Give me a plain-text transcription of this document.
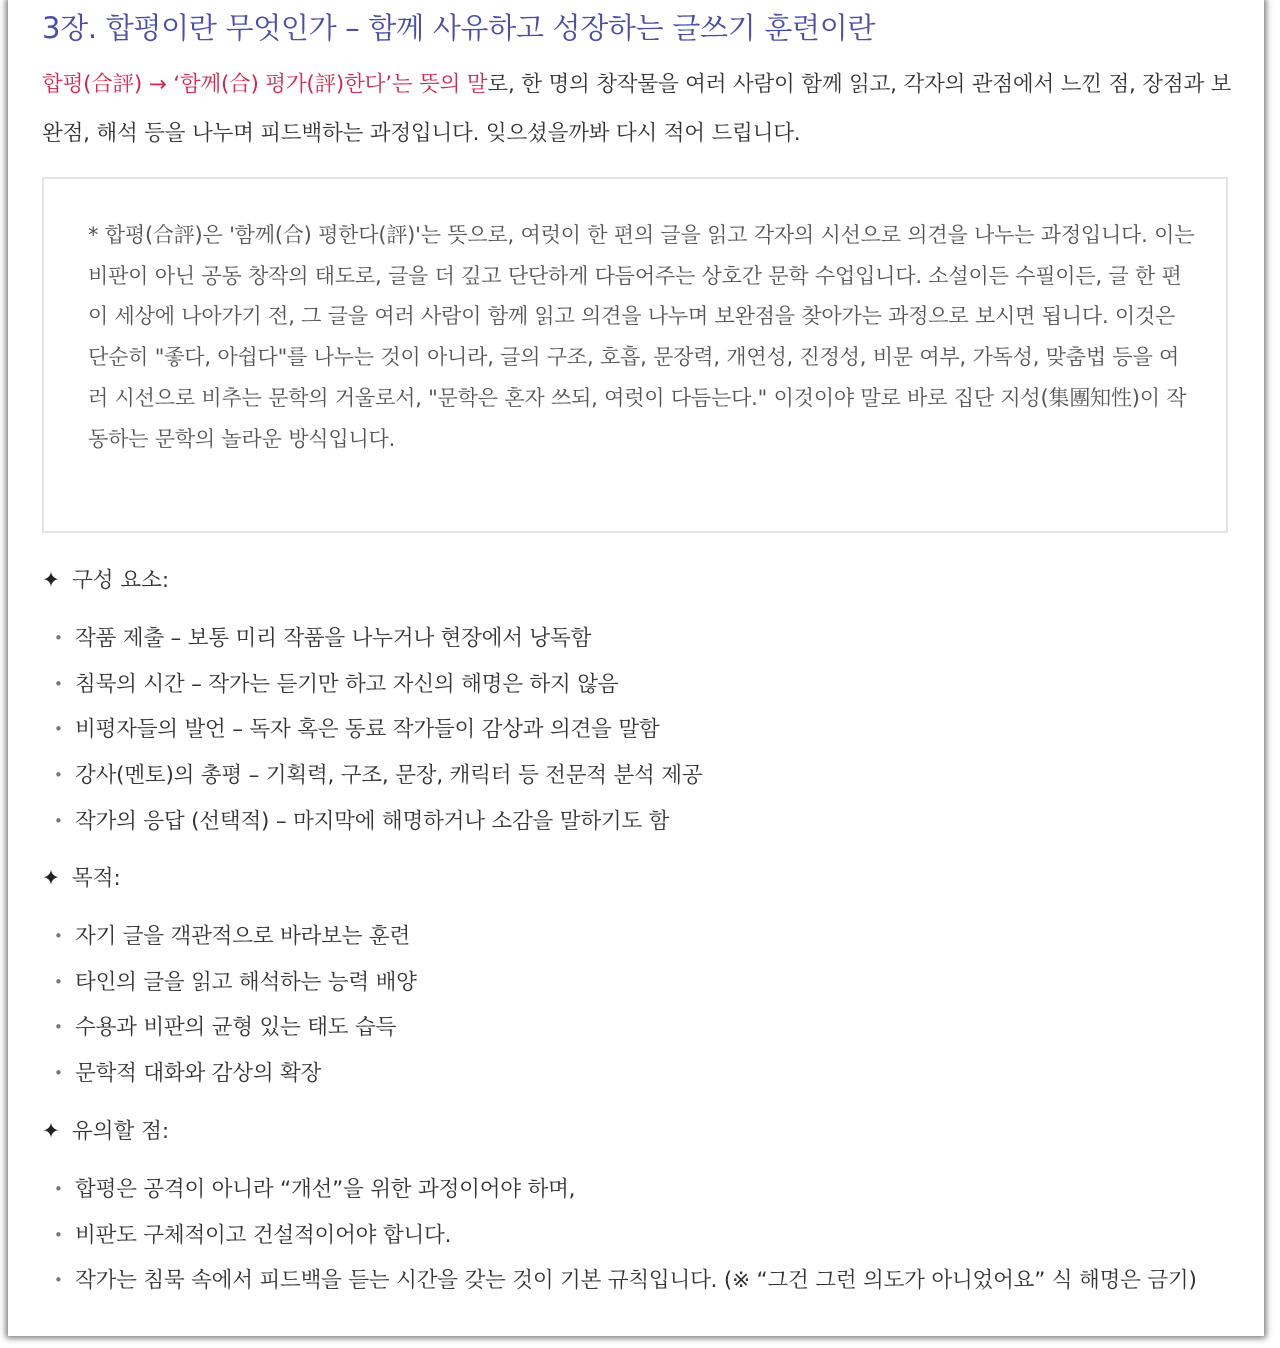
3장. 합평이란 무엇인가 – 함께 사유하고 성장하는 글쓰기 훈련이란

합평(合評) → ‘함께(合) 평가(評)한다’는 뜻의 말로, 한 명의 창작물을 여러 사람이 함께 읽고, 각자의 관점에서 느낀 점, 장점과 보완점, 해석 등을 나누며 피드백하는 과정입니다. 잊으셨을까봐 다시 적어 드립니다.

* 합평(合評)은 '함께(合) 평한다(評)'는 뜻으로, 여럿이 한 편의 글을 읽고 각자의 시선으로 의견을 나누는 과정입니다. 이는 비판이 아닌 공동 창작의 태도로, 글을 더 깊고 단단하게 다듬어주는 상호간 문학 수업입니다. 소설이든 수필이든, 글 한 편이 세상에 나아가기 전, 그 글을 여러 사람이 함께 읽고 의견을 나누며 보완점을 찾아가는 과정으로 보시면 됩니다. 이것은 단순히 "좋다, 아쉽다"를 나누는 것이 아니라, 글의 구조, 호흡, 문장력, 개연성, 진정성, 비문 여부, 가독성, 맞춤법 등을 여러 시선으로 비추는 문학의 거울로서, "문학은 혼자 쓰되, 여럿이 다듬는다." 이것이야 말로 바로 집단 지성(集團知性)이 작동하는 문학의 놀라운 방식입니다.

✦ 구성 요소:
• 작품 제출 – 보통 미리 작품을 나누거나 현장에서 낭독함
• 침묵의 시간 – 작가는 듣기만 하고 자신의 해명은 하지 않음
• 비평자들의 발언 – 독자 혹은 동료 작가들이 감상과 의견을 말함
• 강사(멘토)의 총평 – 기획력, 구조, 문장, 캐릭터 등 전문적 분석 제공
• 작가의 응답 (선택적) – 마지막에 해명하거나 소감을 말하기도 함
✦ 목적:
• 자기 글을 객관적으로 바라보는 훈련
• 타인의 글을 읽고 해석하는 능력 배양
• 수용과 비판의 균형 있는 태도 습득
• 문학적 대화와 감상의 확장
✦ 유의할 점:
• 합평은 공격이 아니라 “개선”을 위한 과정이어야 하며,
• 비판도 구체적이고 건설적이어야 합니다.
• 작가는 침묵 속에서 피드백을 듣는 시간을 갖는 것이 기본 규칙입니다. (※ “그건 그런 의도가 아니었어요” 식 해명은 금기)
